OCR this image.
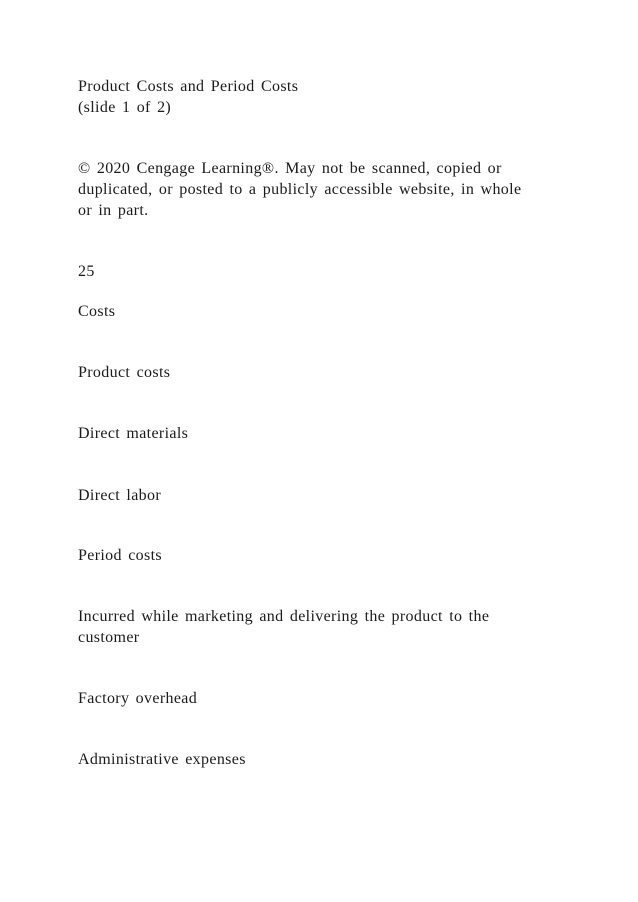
Product Costs and Period Costs
(slide 1 of 2)
© 2020 Cengage Learning®. May not be scanned, copied or
duplicated, or posted to a publicly accessible website, in whole
or in part.
25
Costs
Product costs
Direct materials
Direct labor
Period costs
Incurred while marketing and delivering the product to the
customer
Factory overhead
Administrative expenses
